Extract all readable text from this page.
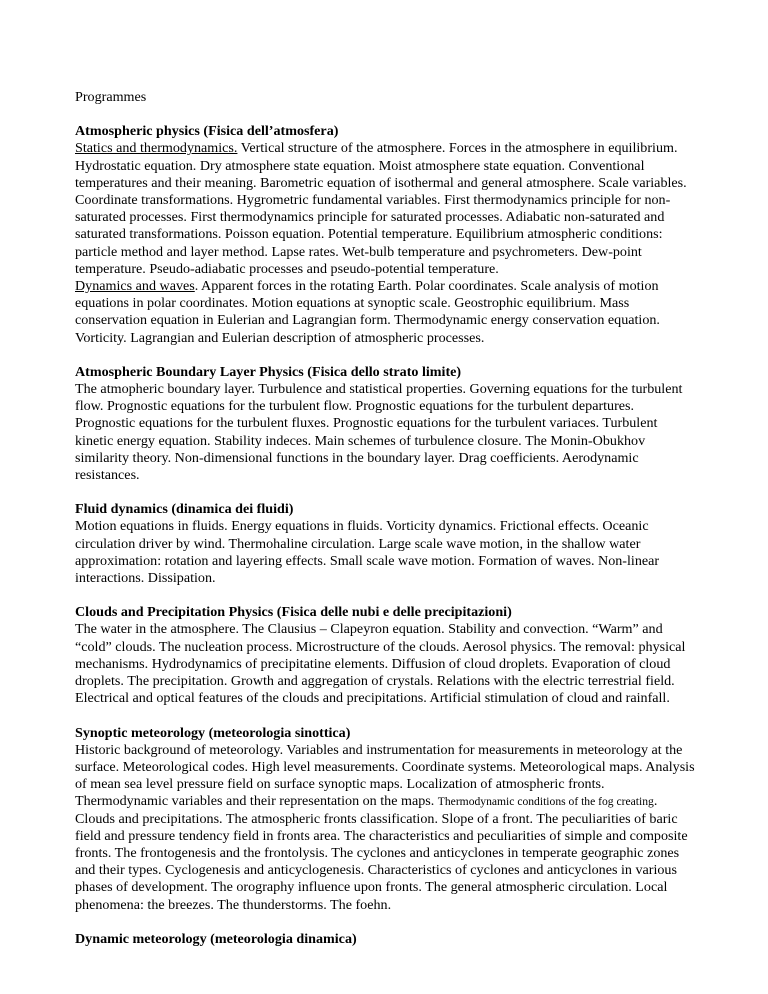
Programmes

Atmospheric physics (Fisica dell’atmosfera)

Statics and thermodynamics. Vertical structure of the atmosphere. Forces in the atmosphere in equilibrium. Hydrostatic equation. Dry atmosphere state equation. Moist atmosphere state equation. Conventional temperatures and their meaning. Barometric equation of isothermal and general atmosphere. Scale variables. Coordinate transformations. Hygrometric fundamental variables. First thermodynamics principle for non-saturated processes. First thermodynamics principle for saturated processes. Adiabatic non-saturated and saturated transformations. Poisson equation. Potential temperature. Equilibrium atmospheric conditions: particle method and layer method. Lapse rates. Wet-bulb temperature and psychrometers. Dew-point temperature. Pseudo-adiabatic processes and pseudo-potential temperature.

Dynamics and waves. Apparent forces in the rotating Earth. Polar coordinates. Scale analysis of motion equations in polar coordinates. Motion equations at synoptic scale. Geostrophic equilibrium. Mass conservation equation in Eulerian and Lagrangian form. Thermodynamic energy conservation equation. Vorticity. Lagrangian and Eulerian description of atmospheric processes.

Atmospheric Boundary Layer Physics (Fisica dello strato limite)

The atmopheric boundary layer. Turbulence and statistical properties. Governing equations for the turbulent flow. Prognostic equations for the turbulent flow. Prognostic equations for the turbulent departures. Prognostic equations for the turbulent fluxes. Prognostic equations for the turbulent variaces. Turbulent kinetic energy equation. Stability indeces. Main schemes of turbulence closure. The Monin-Obukhov similarity theory. Non-dimensional functions in the boundary layer. Drag coefficients. Aerodynamic resistances.

Fluid dynamics (dinamica dei fluidi)

Motion equations in fluids. Energy equations in fluids. Vorticity dynamics. Frictional effects. Oceanic circulation driver by wind. Thermohaline circulation. Large scale wave motion, in the shallow water approximation: rotation and layering effects. Small scale wave motion. Formation of waves. Non-linear interactions. Dissipation.

Clouds and Precipitation Physics (Fisica delle nubi e delle precipitazioni)

The water in the atmosphere. The Clausius – Clapeyron equation. Stability and convection. “Warm” and “cold” clouds. The nucleation process. Microstructure of the clouds. Aerosol physics. The removal: physical mechanisms. Hydrodynamics of precipitatine elements. Diffusion of cloud droplets. Evaporation of cloud droplets. The precipitation. Growth and aggregation of crystals. Relations with the electric terrestrial field. Electrical and optical features of the clouds and precipitations. Artificial stimulation of cloud and rainfall.

Synoptic meteorology (meteorologia sinottica)

Historic background of meteorology. Variables and instrumentation for measurements in meteorology at the surface. Meteorological codes. High level measurements. Coordinate systems. Meteorological maps. Analysis of mean sea level pressure field on surface synoptic maps. Localization of atmospheric fronts. Thermodynamic variables and their representation on the maps. Thermodynamic conditions of the fog creating. Clouds and precipitations. The atmospheric fronts classification. Slope of a front. The peculiarities of baric field and pressure tendency field in fronts area. The characteristics and peculiarities of simple and composite fronts. The frontogenesis and the frontolysis. The cyclones and anticyclones in temperate geographic zones and their types. Cyclogenesis and anticyclogenesis. Characteristics of cyclones and anticyclones in various phases of development. The orography influence upon fronts. The general atmospheric circulation. Local phenomena: the breezes. The thunderstorms. The foehn.

Dynamic meteorology (meteorologia dinamica)
